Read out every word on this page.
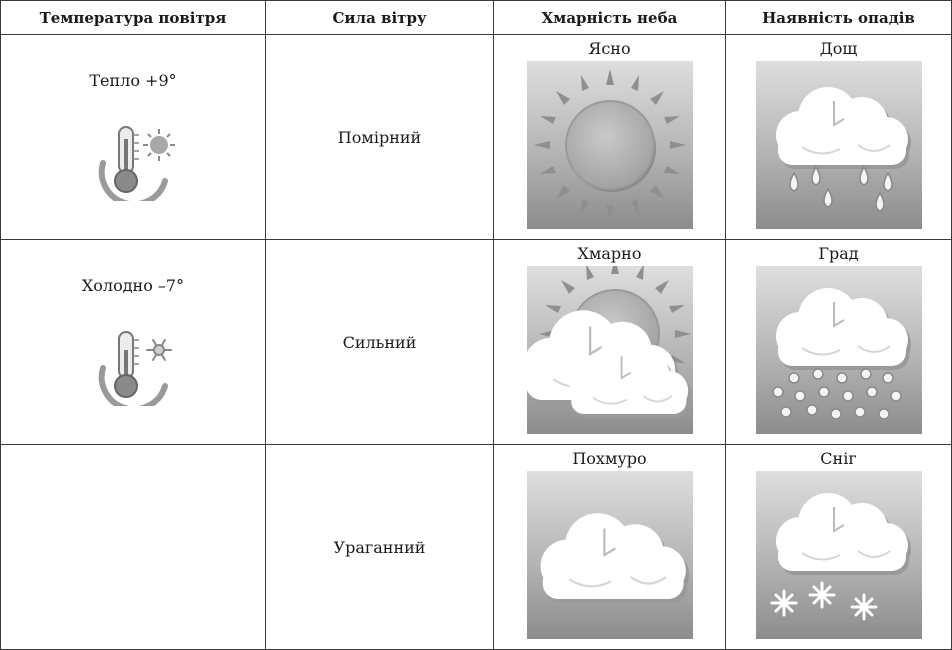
Температура повітря	Сила вітру	Хмарність неба	Наявність опадів

Тепло +9°	Помірний	Ясно	Дощ

Холодно –7°	Сильний	Хмарно	Град

	Ураганний	Похмуро	Сніг
